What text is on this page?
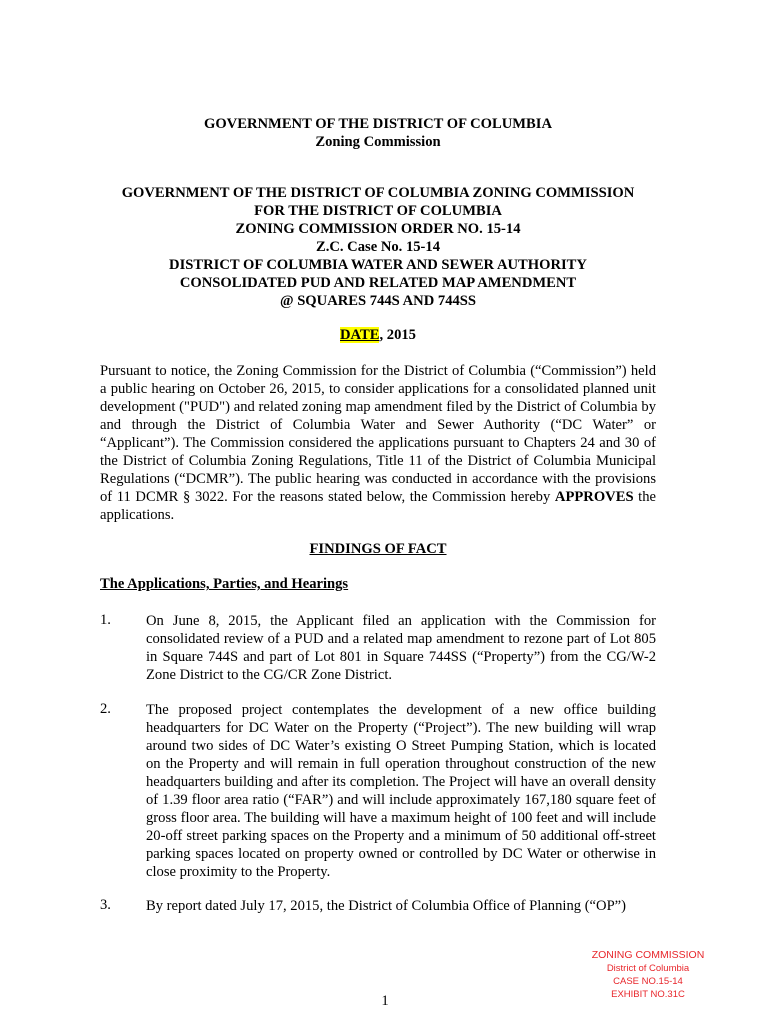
GOVERNMENT OF THE DISTRICT OF COLUMBIA
Zoning Commission
GOVERNMENT OF THE DISTRICT OF COLUMBIA ZONING COMMISSION
FOR THE DISTRICT OF COLUMBIA
ZONING COMMISSION ORDER NO. 15-14
Z.C. Case No. 15-14
DISTRICT OF COLUMBIA WATER AND SEWER AUTHORITY
CONSOLIDATED PUD AND RELATED MAP AMENDMENT
@ SQUARES 744S AND 744SS
DATE, 2015
Pursuant to notice, the Zoning Commission for the District of Columbia (“Commission”) held a public hearing on October 26, 2015, to consider applications for a consolidated planned unit development ("PUD") and related zoning map amendment filed by the District of Columbia by and through the District of Columbia Water and Sewer Authority (“DC Water” or “Applicant”). The Commission considered the applications pursuant to Chapters 24 and 30 of the District of Columbia Zoning Regulations, Title 11 of the District of Columbia Municipal Regulations (“DCMR”). The public hearing was conducted in accordance with the provisions of 11 DCMR § 3022. For the reasons stated below, the Commission hereby APPROVES the applications.
FINDINGS OF FACT
The Applications, Parties, and Hearings
1. On June 8, 2015, the Applicant filed an application with the Commission for consolidated review of a PUD and a related map amendment to rezone part of Lot 805 in Square 744S and part of Lot 801 in Square 744SS (“Property”) from the CG/W-2 Zone District to the CG/CR Zone District.
2. The proposed project contemplates the development of a new office building headquarters for DC Water on the Property (“Project”). The new building will wrap around two sides of DC Water’s existing O Street Pumping Station, which is located on the Property and will remain in full operation throughout construction of the new headquarters building and after its completion. The Project will have an overall density of 1.39 floor area ratio (“FAR”) and will include approximately 167,180 square feet of gross floor area. The building will have a maximum height of 100 feet and will include 20-off street parking spaces on the Property and a minimum of 50 additional off-street parking spaces located on property owned or controlled by DC Water or otherwise in close proximity to the Property.
3. By report dated July 17, 2015, the District of Columbia Office of Planning (“OP”)
ZONING COMMISSION
District of Columbia
CASE NO.15-14
EXHIBIT NO.31C
1
